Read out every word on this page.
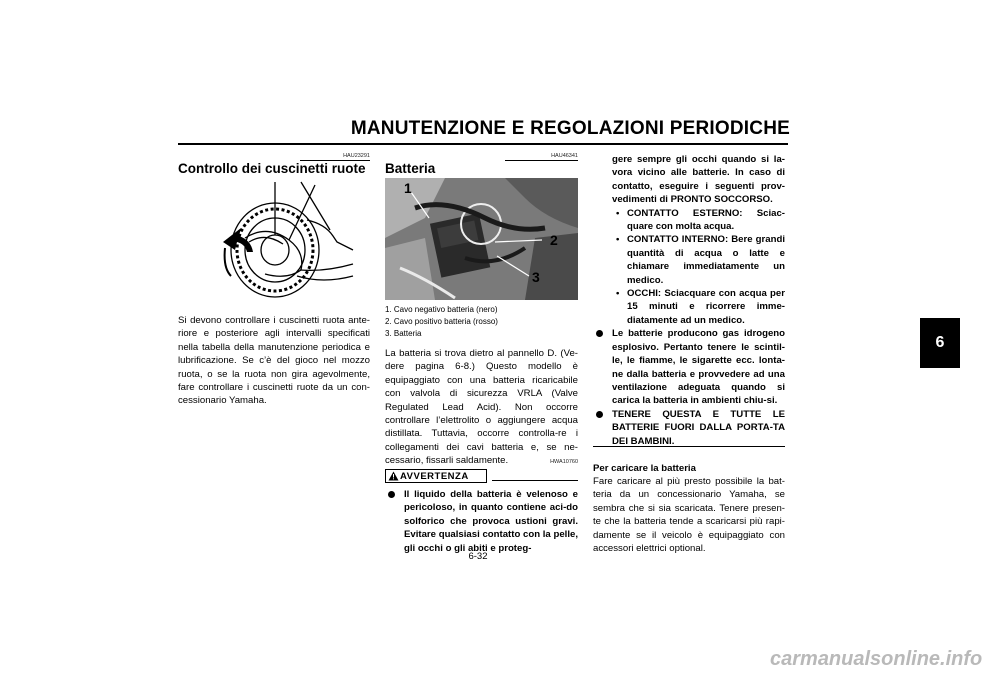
MANUTENZIONE E REGOLAZIONI PERIODICHE
6
HAU23291
Controllo dei cuscinetti ruote
Si devono controllare i cuscinetti ruota ante-riore e posteriore agli intervalli specificati nella tabella della manutenzione periodica e lubrificazione. Se c’è del gioco nel mozzo ruota, o se la ruota non gira agevolmente, fare controllare i cuscinetti ruote da un con-cessionario Yamaha.
HAU46341
Batteria
1
2
3
1. Cavo negativo batteria (nero)
2. Cavo positivo batteria (rosso)
3. Batteria
La batteria si trova dietro al pannello D. (Ve-dere pagina 6-8.) Questo modello è equipaggiato con una batteria ricaricabile con valvola di sicurezza VRLA (Valve Regulated Lead Acid). Non occorre controllare l’elettrolito o aggiungere acqua distillata. Tuttavia, occorre controlla-re i collegamenti dei cavi batteria e, se ne-cessario, fissarli saldamente.	HWA10760
AVVERTENZA
Il liquido della batteria è velenoso e pericoloso, in quanto contiene aci-do solforico che provoca ustioni gravi. Evitare qualsiasi contatto con la pelle, gli occhi o gli abiti e proteg-
6-32
gere sempre gli occhi quando si la-vora vicino alle batterie. In caso di contatto, eseguire i seguenti prov-vedimenti di PRONTO SOCCORSO.
• CONTATTO ESTERNO: Sciac-quare con molta acqua.
• CONTATTO INTERNO: Bere grandi quantità di acqua o latte e chiamare immediatamente un medico.
• OCCHI: Sciacquare con acqua per 15 minuti e ricorrere imme-diatamente ad un medico.
Le batterie producono gas idrogeno esplosivo. Pertanto tenere le scintil-le, le fiamme, le sigarette ecc. lonta-ne dalla batteria e provvedere ad una ventilazione adeguata quando si carica la batteria in ambienti chiu-si.
TENERE QUESTA E TUTTE LE BATTERIE FUORI DALLA PORTA-TA DEI BAMBINI.
Per caricare la batteria
Fare caricare al più presto possibile la bat-teria da un concessionario Yamaha, se sembra che si sia scaricata. Tenere presen-te che la batteria tende a scaricarsi più rapi-damente se il veicolo è equipaggiato con accessori elettrici optional.
carmanualsonline.info
